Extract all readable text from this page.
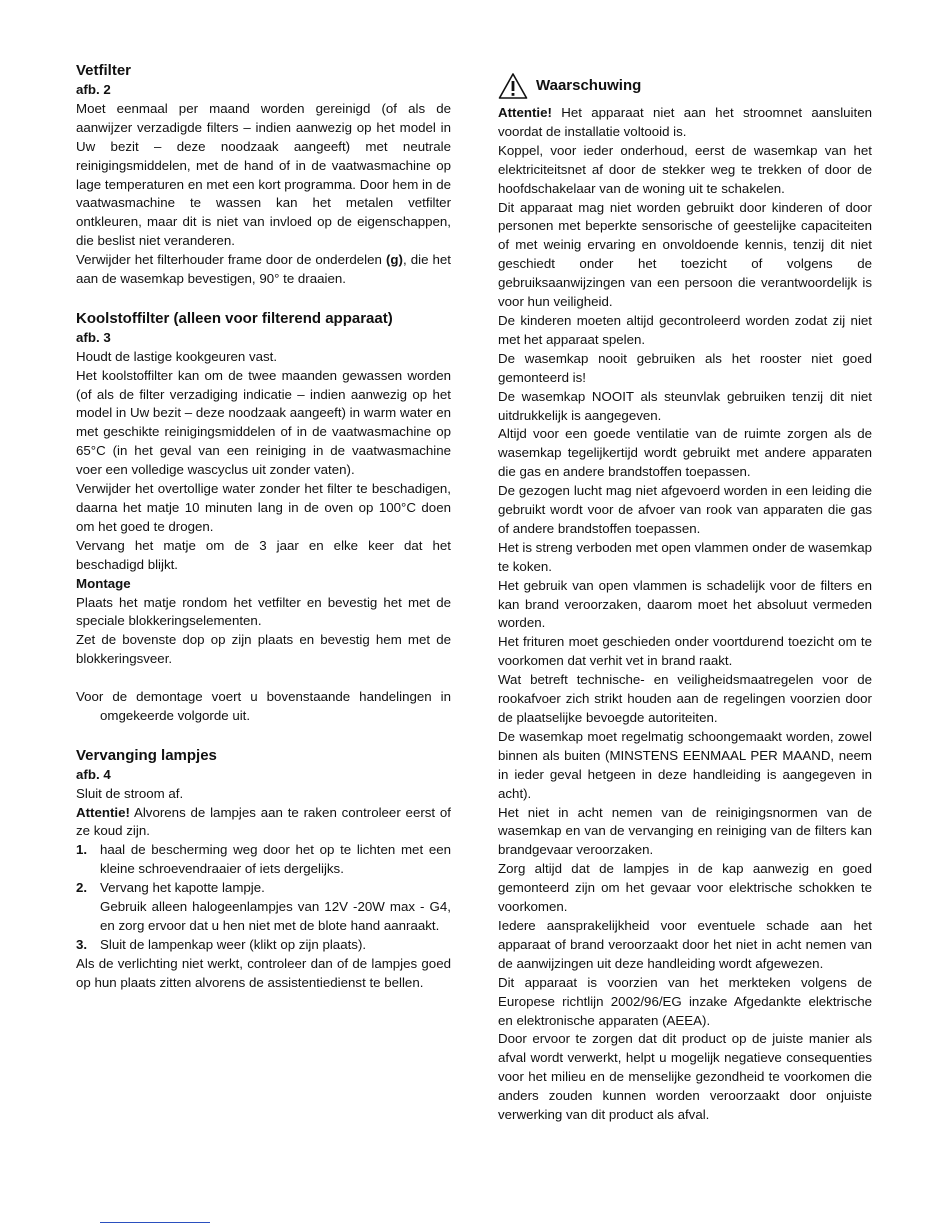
Vetfilter
afb. 2

Moet eenmaal per maand worden gereinigd (of als de aanwijzer verzadigde filters – indien aanwezig op het model in Uw bezit – deze noodzaak aangeeft) met neutrale reinigingsmiddelen, met de hand of in de vaatwasmachine op lage temperaturen en met een kort programma. Door hem in de vaatwasmachine te wassen kan het metalen vetfilter ontkleuren, maar dit is niet van invloed op de eigenschappen, die beslist niet veranderen.

Verwijder het filterhouder frame door de onderdelen (g), die het aan de wasemkap bevestigen, 90° te draaien.

Koolstoffilter (alleen voor filterend apparaat)
afb. 3

Houdt de lastige kookgeuren vast.

Het koolstoffilter kan om de twee maanden gewassen worden (of als de filter verzadiging indicatie – indien aanwezig op het model in Uw bezit – deze noodzaak aangeeft) in warm water en met geschikte reinigingsmiddelen of in de vaatwasmachine op 65°C (in het geval van een reiniging in de vaatwasmachine voer een volledige wascyclus uit zonder vaten).

Verwijder het overtollige water zonder het filter te beschadigen, daarna het matje 10 minuten lang in de oven op 100°C doen om het goed te drogen.

Vervang het matje om de 3 jaar en elke keer dat het beschadigd blijkt.

Montage

Plaats het matje rondom het vetfilter en bevestig het met de speciale blokkeringselementen.

Zet de bovenste dop op zijn plaats en bevestig hem met de blokkeringsveer.

Voor de demontage voert u bovenstaande handelingen in omgekeerde volgorde uit.

Vervanging lampjes
afb. 4

Sluit de stroom af.

Attentie! Alvorens de lampjes aan te raken controleer eerst of ze koud zijn.

1. haal de bescherming weg door het op te lichten met een kleine schroevendraaier of iets dergelijks.
2. Vervang het kapotte lampje.
Gebruik alleen halogeenlampjes van 12V -20W max - G4, en zorg ervoor dat u hen niet met de blote hand aanraakt.
3. Sluit de lampenkap weer (klikt op zijn plaats).

Als de verlichting niet werkt, controleer dan of de lampjes goed op hun plaats zitten alvorens de assistentiedienst te bellen.

Waarschuwing

Attentie! Het apparaat niet aan het stroomnet aansluiten voordat de installatie voltooid is.

Koppel, voor ieder onderhoud, eerst de wasemkap van het elektriciteitsnet af door de stekker weg te trekken of door de hoofdschakelaar van de woning uit te schakelen.

Dit apparaat mag niet worden gebruikt door kinderen of door personen met beperkte sensorische of geestelijke capaciteiten of met weinig ervaring en onvoldoende kennis, tenzij dit niet geschiedt onder het toezicht of volgens de gebruiksaanwijzingen van een persoon die verantwoordelijk is voor hun veiligheid.

De kinderen moeten altijd gecontroleerd worden zodat zij niet met het apparaat spelen.

De wasemkap nooit gebruiken als het rooster niet goed gemonteerd is!

De wasemkap NOOIT als steunvlak gebruiken tenzij dit niet uitdrukkelijk is aangegeven.

Altijd voor een goede ventilatie van de ruimte zorgen als de wasemkap tegelijkertijd wordt gebruikt met andere apparaten die gas en andere brandstoffen toepassen.

De gezogen lucht mag niet afgevoerd worden in een leiding die gebruikt wordt voor de afvoer van rook van apparaten die gas of andere brandstoffen toepassen.

Het is streng verboden met open vlammen onder de wasemkap te koken.

Het gebruik van open vlammen is schadelijk voor de filters en kan brand veroorzaken, daarom moet het absoluut vermeden worden.

Het frituren moet geschieden onder voortdurend toezicht om te voorkomen dat verhit vet in brand raakt.

Wat betreft technische- en veiligheidsmaatregelen voor de rookafvoer zich strikt houden aan de regelingen voorzien door de plaatselijke bevoegde autoriteiten.

De wasemkap moet regelmatig schoongemaakt worden, zowel binnen als buiten (MINSTENS EENMAAL PER MAAND, neem in ieder geval hetgeen in deze handleiding is aangegeven in acht).

Het niet in acht nemen van de reinigingsnormen van de wasemkap en van de vervanging en reiniging van de filters kan brandgevaar veroorzaken.

Zorg altijd dat de lampjes in de kap aanwezig en goed gemonteerd zijn om het gevaar voor elektrische schokken te voorkomen.

Iedere aansprakelijkheid voor eventuele schade aan het apparaat of brand veroorzaakt door het niet in acht nemen van de aanwijzingen uit deze handleiding wordt afgewezen.

Dit apparaat is voorzien van het merkteken volgens de Europese richtlijn 2002/96/EG inzake Afgedankte elektrische en elektronische apparaten (AEEA).

Door ervoor te zorgen dat dit product op de juiste manier als afval wordt verwerkt, helpt u mogelijk negatieve consequenties voor het milieu en de menselijke gezondheid te voorkomen die anders zouden kunnen worden veroorzaakt door onjuiste verwerking van dit product als afval.
